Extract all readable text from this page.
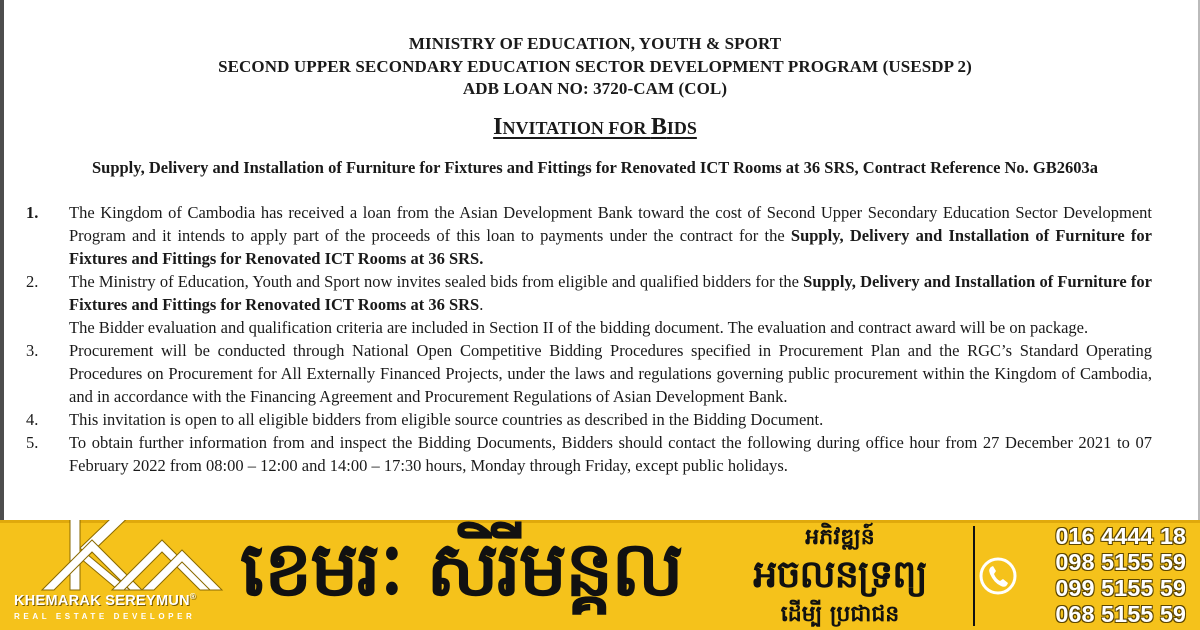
MINISTRY OF EDUCATION, YOUTH & SPORT
SECOND UPPER SECONDARY EDUCATION SECTOR DEVELOPMENT PROGRAM (USESDP 2)
ADB LOAN NO: 3720-CAM (COL)
INVITATION FOR BIDS
Supply, Delivery and Installation of Furniture for Fixtures and Fittings for Renovated ICT Rooms at 36 SRS, Contract Reference No. GB2603a
1. The Kingdom of Cambodia has received a loan from the Asian Development Bank toward the cost of Second Upper Secondary Education Sector Development Program and it intends to apply part of the proceeds of this loan to payments under the contract for the Supply, Delivery and Installation of Furniture for Fixtures and Fittings for Renovated ICT Rooms at 36 SRS.
2. The Ministry of Education, Youth and Sport now invites sealed bids from eligible and qualified bidders for the Supply, Delivery and Installation of Furniture for Fixtures and Fittings for Renovated ICT Rooms at 36 SRS.
The Bidder evaluation and qualification criteria are included in Section II of the bidding document. The evaluation and contract award will be on package.
3. Procurement will be conducted through National Open Competitive Bidding Procedures specified in Procurement Plan and the RGC’s Standard Operating Procedures on Procurement for All Externally Financed Projects, under the laws and regulations governing public procurement within the Kingdom of Cambodia, and in accordance with the Financing Agreement and Procurement Regulations of Asian Development Bank.
4. This invitation is open to all eligible bidders from eligible source countries as described in the Bidding Document.
5. To obtain further information from and inspect the Bidding Documents, Bidders should contact the following during office hour from 27 December 2021 to 07 February 2022 from 08:00 – 12:00 and 14:00 – 17:30 hours, Monday through Friday, except public holidays.
KHEMARAK SEREYMUN®
REAL ESTATE DEVELOPER
ខេមរៈ សិរីមន្គល	អភិវឌ្ឍន៍
អចលនទ្រព្យ
ដើម្បី ប្រជាជន
016 4444 18
098 5155 59
099 5155 59
068 5155 59
